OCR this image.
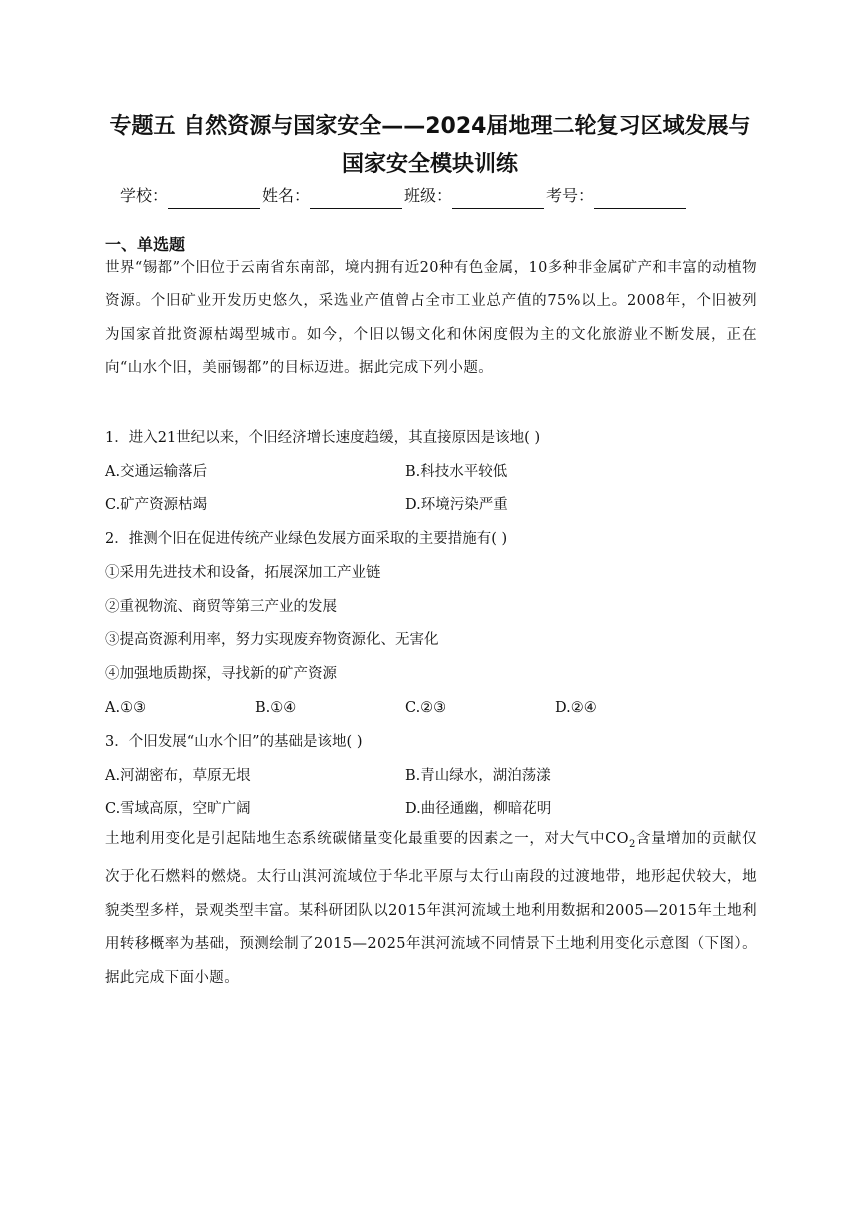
专题五 自然资源与国家安全——2024届地理二轮复习区域发展与国家安全模块训练
学校：	姓名：	班级：	考号：
一、单选题
世界“锡都”个旧位于云南省东南部，境内拥有近20种有色金属，10多种非金属矿产和丰富的动植物资源。个旧矿业开发历史悠久，采选业产值曾占全市工业总产值的75%以上。2008年，个旧被列为国家首批资源枯竭型城市。如今，个旧以锡文化和休闲度假为主的文化旅游业不断发展，正在向“山水个旧，美丽锡都”的目标迈进。据此完成下列小题。
1．进入21世纪以来，个旧经济增长速度趋缓，其直接原因是该地( )
A.交通运输落后	B.科技水平较低
C.矿产资源枯竭	D.环境污染严重
2．推测个旧在促进传统产业绿色发展方面采取的主要措施有( )
①采用先进技术和设备，拓展深加工产业链
②重视物流、商贸等第三产业的发展
③提高资源利用率，努力实现废弃物资源化、无害化
④加强地质勘探，寻找新的矿产资源
A.①③	B.①④	C.②③	D.②④
3．个旧发展“山水个旧”的基础是该地( )
A.河湖密布，草原无垠	B.青山绿水，湖泊荡漾
C.雪域高原，空旷广阔	D.曲径通幽，柳暗花明
土地利用变化是引起陆地生态系统碳储量变化最重要的因素之一，对大气中$CO_2$含量增加的贡献仅次于化石燃料的燃烧。太行山淇河流域位于华北平原与太行山南段的过渡地带，地形起伏较大，地貌类型多样，景观类型丰富。某科研团队以2015年淇河流域土地利用数据和2005—2015年土地利用转移概率为基础，预测绘制了2015—2025年淇河流域不同情景下土地利用变化示意图（下图）。据此完成下面小题。
